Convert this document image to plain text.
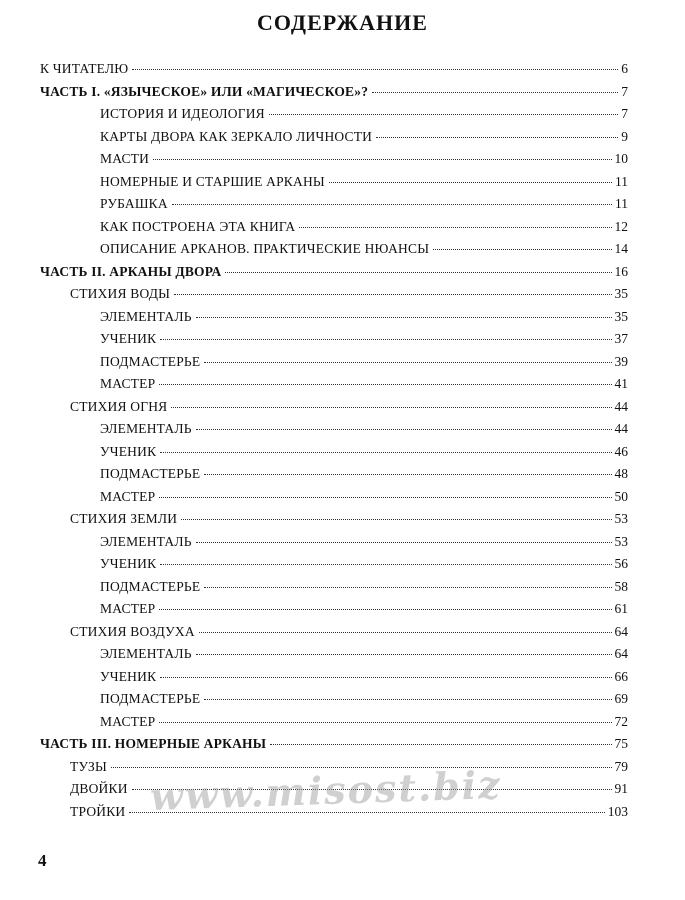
СОДЕРЖАНИЕ
К ЧИТАТЕЛЮ	6
ЧАСТЬ I. «ЯЗЫЧЕСКОЕ» ИЛИ «МАГИЧЕСКОЕ»?	7
ИСТОРИЯ И ИДЕОЛОГИЯ	7
КАРТЫ ДВОРА КАК ЗЕРКАЛО ЛИЧНОСТИ	9
МАСТИ	10
НОМЕРНЫЕ И СТАРШИЕ АРКАНЫ	11
РУБАШКА	11
КАК ПОСТРОЕНА ЭТА КНИГА	12
ОПИСАНИЕ АРКАНОВ. ПРАКТИЧЕСКИЕ НЮАНСЫ	14
ЧАСТЬ II. АРКАНЫ ДВОРА	16
СТИХИЯ ВОДЫ	35
ЭЛЕМЕНТАЛЬ	35
УЧЕНИК	37
ПОДМАСТЕРЬЕ	39
МАСТЕР	41
СТИХИЯ ОГНЯ	44
ЭЛЕМЕНТАЛЬ	44
УЧЕНИК	46
ПОДМАСТЕРЬЕ	48
МАСТЕР	50
СТИХИЯ ЗЕМЛИ	53
ЭЛЕМЕНТАЛЬ	53
УЧЕНИК	56
ПОДМАСТЕРЬЕ	58
МАСТЕР	61
СТИХИЯ ВОЗДУХА	64
ЭЛЕМЕНТАЛЬ	64
УЧЕНИК	66
ПОДМАСТЕРЬЕ	69
МАСТЕР	72
ЧАСТЬ III. НОМЕРНЫЕ АРКАНЫ	75
ТУЗЫ	79
ДВОЙКИ	91
ТРОЙКИ	103
www.misost.biz
4
